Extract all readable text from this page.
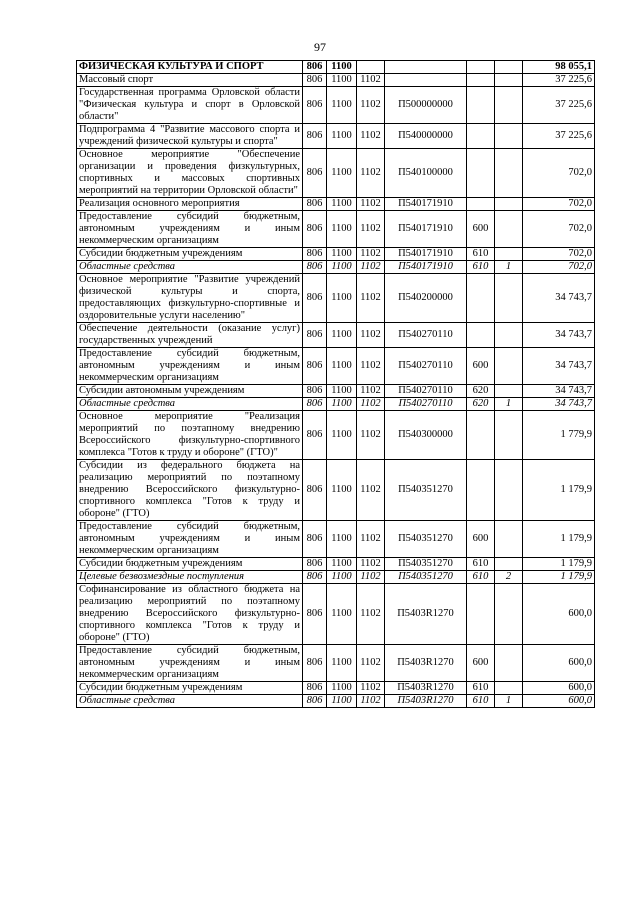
97
ФИЗИЧЕСКАЯ КУЛЬТУРА И СПОРТ	806	1100					98 055,1
Массовый спорт	806	1100	1102				37 225,6
Государственная программа Орловской области "Физическая культура и спорт в Орловской области"	806	1100	1102	П500000000			37 225,6
Подпрограмма 4 "Развитие массового спорта и учреждений физической культуры и спорта"	806	1100	1102	П540000000			37 225,6
Основное мероприятие "Обеспечение организации и проведения физкультурных, спортивных и массовых спортивных мероприятий на территории Орловской области"	806	1100	1102	П540100000			702,0
Реализация основного мероприятия	806	1100	1102	П540171910			702,0
Предоставление субсидий бюджетным, автономным учреждениям и иным некоммерческим организациям	806	1100	1102	П540171910	600		702,0
Субсидии бюджетным учреждениям	806	1100	1102	П540171910	610		702,0
Областные средства	806	1100	1102	П540171910	610	1	702,0
Основное мероприятие "Развитие учреждений физической культуры и спорта, предоставляющих физкультурно-спортивные и оздоровительные услуги населению"	806	1100	1102	П540200000			34 743,7
Обеспечение деятельности (оказание услуг) государственных учреждений	806	1100	1102	П540270110			34 743,7
Предоставление субсидий бюджетным, автономным учреждениям и иным некоммерческим организациям	806	1100	1102	П540270110	600		34 743,7
Субсидии автономным учреждениям	806	1100	1102	П540270110	620		34 743,7
Областные средства	806	1100	1102	П540270110	620	1	34 743,7
Основное мероприятие "Реализация мероприятий по поэтапному внедрению Всероссийского физкультурно-спортивного комплекса "Готов к труду и обороне" (ГТО)"	806	1100	1102	П540300000			1 779,9
Субсидии из федерального бюджета на реализацию мероприятий по поэтапному внедрению Всероссийского физкультурно-спортивного комплекса "Готов к труду и обороне" (ГТО)	806	1100	1102	П540351270			1 179,9
Предоставление субсидий бюджетным, автономным учреждениям и иным некоммерческим организациям	806	1100	1102	П540351270	600		1 179,9
Субсидии бюджетным учреждениям	806	1100	1102	П540351270	610		1 179,9
Целевые безвозмездные поступления	806	1100	1102	П540351270	610	2	1 179,9
Софинансирование из областного бюджета на реализацию мероприятий по поэтапному внедрению Всероссийского физкультурно-спортивного комплекса "Готов к труду и обороне" (ГТО)	806	1100	1102	П5403R1270			600,0
Предоставление субсидий бюджетным, автономным учреждениям и иным некоммерческим организациям	806	1100	1102	П5403R1270	600		600,0
Субсидии бюджетным учреждениям	806	1100	1102	П5403R1270	610		600,0
Областные средства	806	1100	1102	П5403R1270	610	1	600,0
